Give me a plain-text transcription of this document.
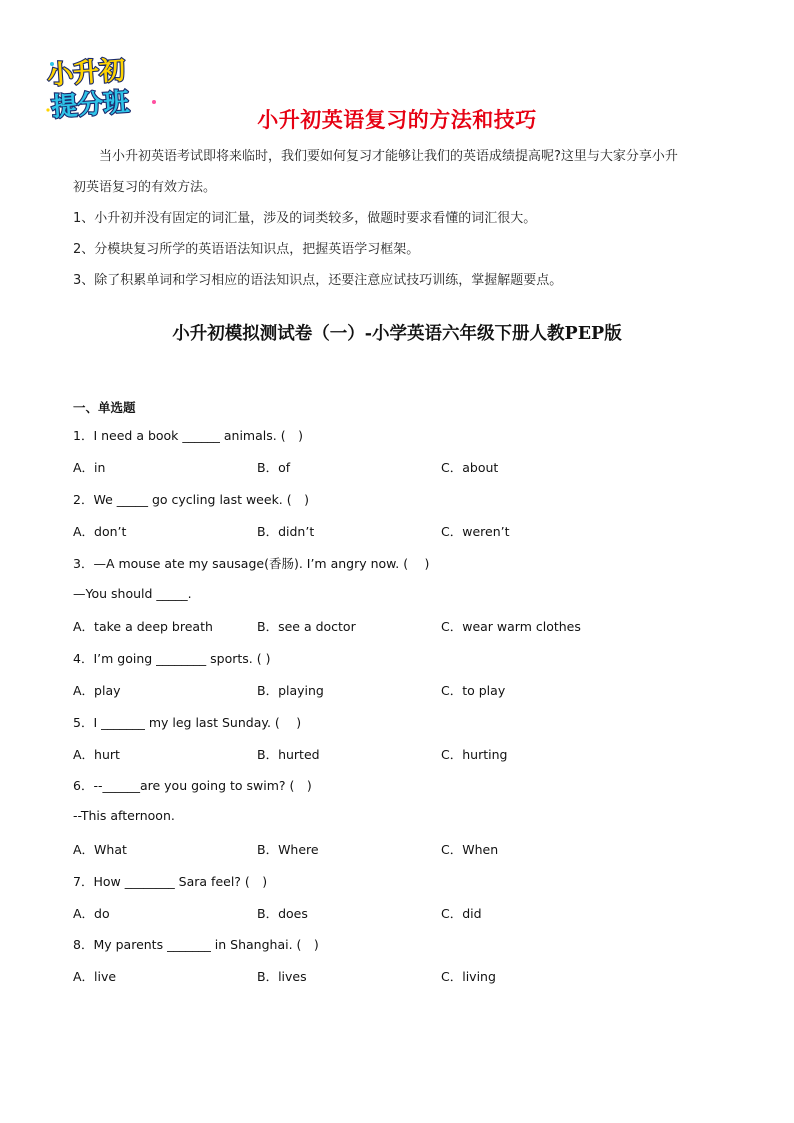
小升初
提分班	小升初英语复习的方法和技巧

当小升初英语考试即将来临时，我们要如何复习才能够让我们的英语成绩提高呢?这里与大家分享小升

初英语复习的有效方法。

1、小升初并没有固定的词汇量，涉及的词类较多，做题时要求看懂的词汇很大。

2、分模块复习所学的英语语法知识点，把握英语学习框架。

3、除了积累单词和学习相应的语法知识点，还要注意应试技巧训练，掌握解题要点。

小升初模拟测试卷（一）-小学英语六年级下册人教PEP版
一、单选题
1．I need a book ______ animals. (　)
A．in	B．of	C．about
2．We _____ go cycling last week. (　)
A．don’t	B．didn’t	C．weren’t
3．—A mouse ate my sausage(香肠). I’m angry now. (　 )
—You should _____.
A．take a deep breath	B．see a doctor	C．wear warm clothes
4．I’m going ________ sports. ( )
A．play	B．playing	C．to play
5．I _______ my leg last Sunday. (　 )
A．hurt	B．hurted	C．hurting
6．--______are you going to swim? (　)
--This afternoon.
A．What	B．Where	C．When
7．How ________ Sara feel? (　)
A．do	B．does	C．did
8．My parents _______ in Shanghai. (　)
A．live	B．lives	C．living
